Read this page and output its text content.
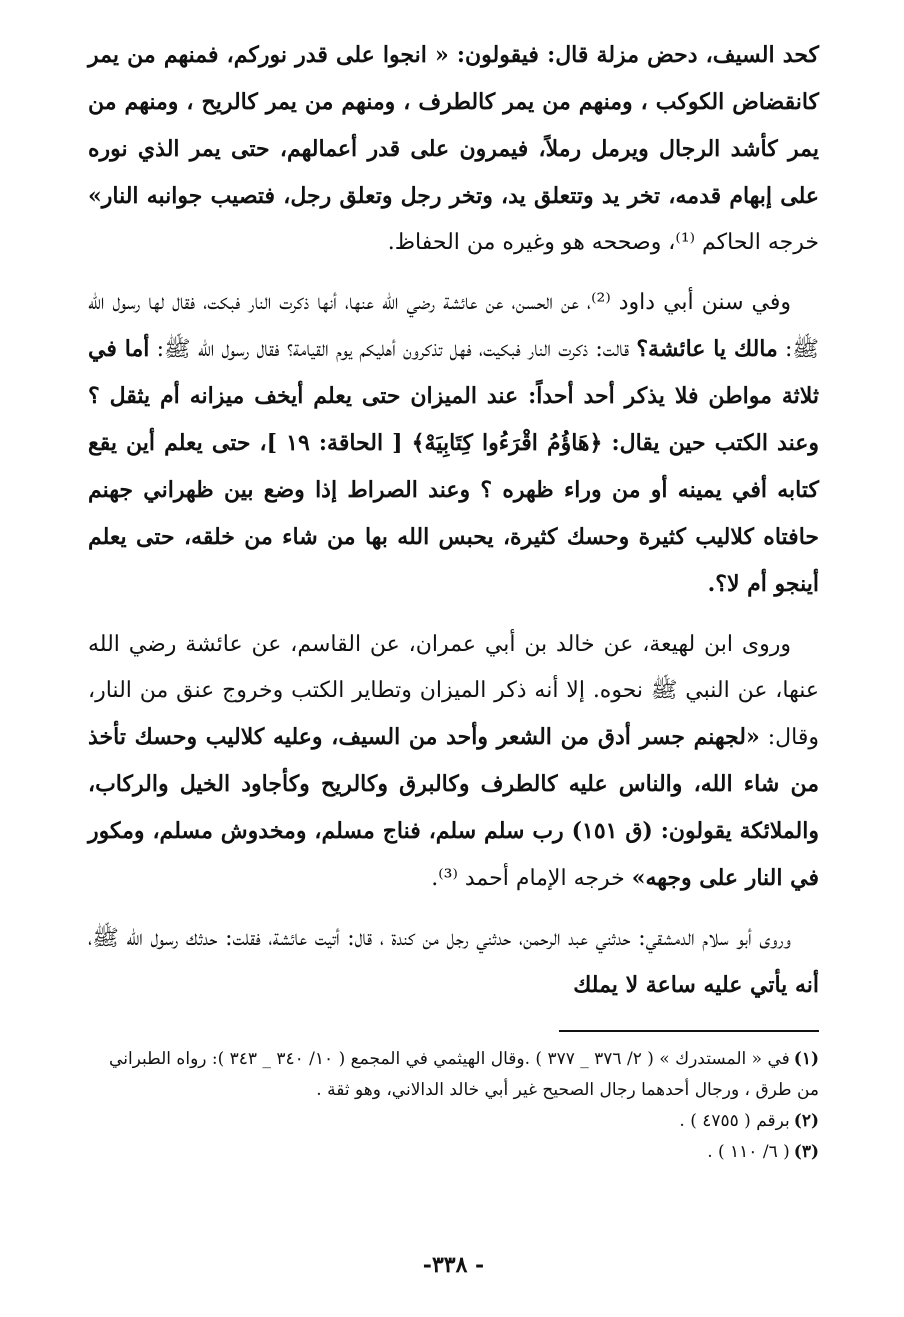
كحد السيف، دحض مزلة قال: فيقولون: « انجوا على قدر نوركم، فمنهم من يمر كانقضاض الكوكب ، ومنهم من يمر كالطرف ، ومنهم من يمر كالريح ، ومنهم من يمر كأشد الرجال ويرمل رملاً، فيمرون على قدر أعمالهم، حتى يمر الذي نوره على إبهام قدمه، تخر يد وتتعلق يد، وتخر رجل وتعلق رجل، فتصيب جوانبه النار» خرجه الحاكم ⁽¹⁾، وصححه هو وغيره من الحفاظ.

وفي سنن أبي داود ⁽²⁾، عن الحسن، عن عائشة رضي الله عنها، أنها ذكرت النار فبكت، فقال لها رسول الله ﷺ: مالك يا عائشة؟ قالت: ذكرت النار فبكيت، فهل تذكرون أهليكم يوم القيامة؟ فقال رسول الله ﷺ: أما في ثلاثة مواطن فلا يذكر أحد أحداً: عند الميزان حتى يعلم أيخف ميزانه أم يثقل ؟ وعند الكتب حين يقال: ﴿هَاؤُمُ اقْرَءُوا كِتَابِيَهْ﴾ [ الحاقة: ١٩ ]، حتى يعلم أين يقع كتابه أفي يمينه أو من وراء ظهره ؟ وعند الصراط إذا وضع بين ظهراني جهنم حافتاه كلاليب كثيرة وحسك كثيرة، يحبس الله بها من شاء من خلقه، حتى يعلم أينجو أم لا؟.

وروى ابن لهيعة، عن خالد بن أبي عمران، عن القاسم، عن عائشة رضي الله عنها، عن النبي ﷺ نحوه. إلا أنه ذكر الميزان وتطاير الكتب وخروج عنق من النار، وقال: «لجهنم جسر أدق من الشعر وأحد من السيف، وعليه كلاليب وحسك تأخذ من شاء الله، والناس عليه كالطرف وكالبرق وكالريح وكأجاود الخيل والركاب، والملائكة يقولون: (ق ١٥١) رب سلم سلم، فناج مسلم، ومخدوش مسلم، ومكور في النار على وجهه» خرجه الإمام أحمد ⁽³⁾.

وروى أبو سلام الدمشقي: حدثني عبد الرحمن، حدثني رجل من كندة ، قال: أتيت عائشة، فقلت: حدثك رسول الله ﷺ، أنه يأتي عليه ساعة لا يملك

(١)في « المستدرك » ( ٢/ ٣٧٦ _ ٣٧٧ ) .وقال الهيثمي في المجمع ( ١٠/ ٣٤٠ _ ٣٤٣ ): رواه الطبراني من طرق ، ورجال أحدهما رجال الصحيح غير أبي خالد الدالاني، وهو ثقة .

(٢)برقم ( ٤٧٥٥ ) .

(٣)( ٦/ ١١٠ ) .

- ٣٣٨-
